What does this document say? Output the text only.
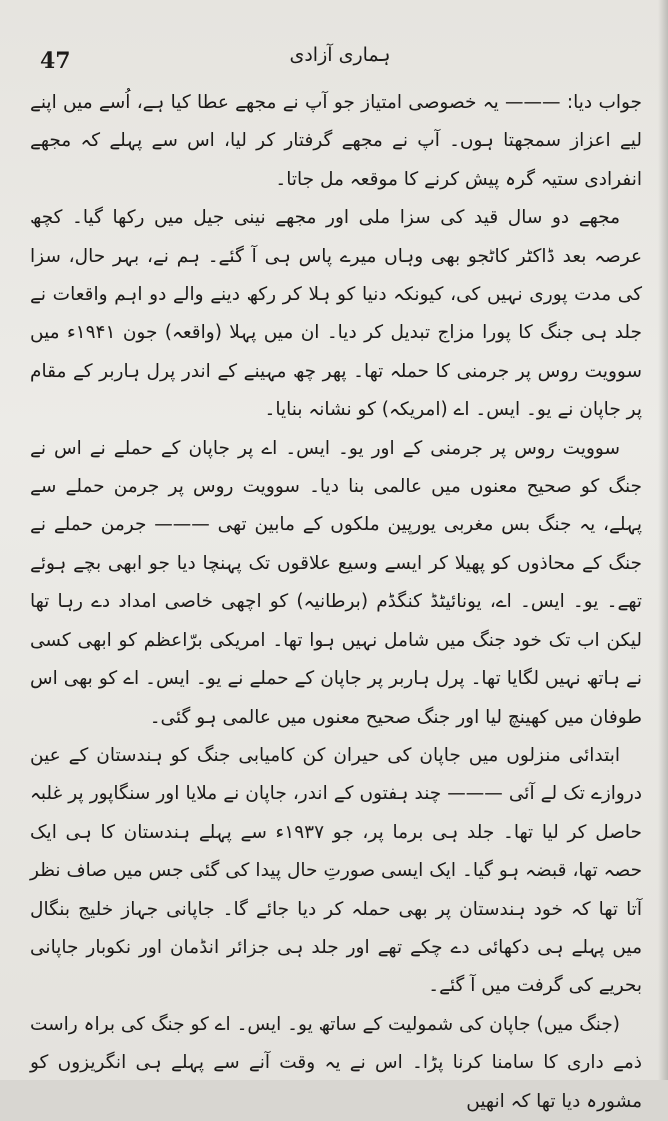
47	ہماری آزادی

جواب دیا: ——— یہ خصوصی امتیاز جو آپ نے مجھے عطا کیا ہے، اُسے میں اپنے لیے اعزاز سمجھتا ہوں۔ آپ نے مجھے گرفتار کر لیا، اس سے پہلے کہ مجھے انفرادی ستیہ گرہ پیش کرنے کا موقعہ مل جاتا۔

مجھے دو سال قید کی سزا ملی اور مجھے نینی جیل میں رکھا گیا۔ کچھ عرصہ بعد ڈاکٹر کاٹجو بھی وہاں میرے پاس ہی آ گئے۔ ہم نے، بہر حال، سزا کی مدت پوری نہیں کی، کیونکہ دنیا کو ہلا کر رکھ دینے والے دو اہم واقعات نے جلد ہی جنگ کا پورا مزاج تبدیل کر دیا۔ ان میں پہلا (واقعہ) جون ۱۹۴۱ء میں سوویت روس پر جرمنی کا حملہ تھا۔ پھر چھ مہینے کے اندر پرل ہاربر کے مقام پر جاپان نے یو۔ ایس۔ اے (امریکہ) کو نشانہ بنایا۔

سوویت روس پر جرمنی کے اور یو۔ ایس۔ اے پر جاپان کے حملے نے اس نے جنگ کو صحیح معنوں میں عالمی بنا دیا۔ سوویت روس پر جرمن حملے سے پہلے، یہ جنگ بس مغربی یورپین ملکوں کے مابین تھی ——— جرمن حملے نے جنگ کے محاذوں کو پھیلا کر ایسے وسیع علاقوں تک پہنچا دیا جو ابھی بچے ہوئے تھے۔ یو۔ ایس۔ اے، یونائیٹڈ کنگڈم (برطانیہ) کو اچھی خاصی امداد دے رہا تھا لیکن اب تک خود جنگ میں شامل نہیں ہوا تھا۔ امریکی برّاعظم کو ابھی کسی نے ہاتھ نہیں لگایا تھا۔ پرل ہاربر پر جاپان کے حملے نے یو۔ ایس۔ اے کو بھی اس طوفان میں کھینچ لیا اور جنگ صحیح معنوں میں عالمی ہو گئی۔

ابتدائی منزلوں میں جاپان کی حیران کن کامیابی جنگ کو ہندستان کے عین دروازے تک لے آئی ——— چند ہفتوں کے اندر، جاپان نے ملایا اور سنگاپور پر غلبہ حاصل کر لیا تھا۔ جلد ہی برما پر، جو ۱۹۳۷ء سے پہلے ہندستان کا ہی ایک حصہ تھا، قبضہ ہو گیا۔ ایک ایسی صورتِ حال پیدا کی گئی جس میں صاف نظر آتا تھا کہ خود ہندستان پر بھی حملہ کر دیا جائے گا۔ جاپانی جہاز خلیج بنگال میں پہلے ہی دکھائی دے چکے تھے اور جلد ہی جزائر انڈمان اور نکوبار جاپانی بحریے کی گرفت میں آ گئے۔

(جنگ میں) جاپان کی شمولیت کے ساتھ یو۔ ایس۔ اے کو جنگ کی براہ راست ذمے داری کا سامنا کرنا پڑا۔ اس نے یہ وقت آنے سے پہلے ہی انگریزوں کو مشورہ دیا تھا کہ انھیں
